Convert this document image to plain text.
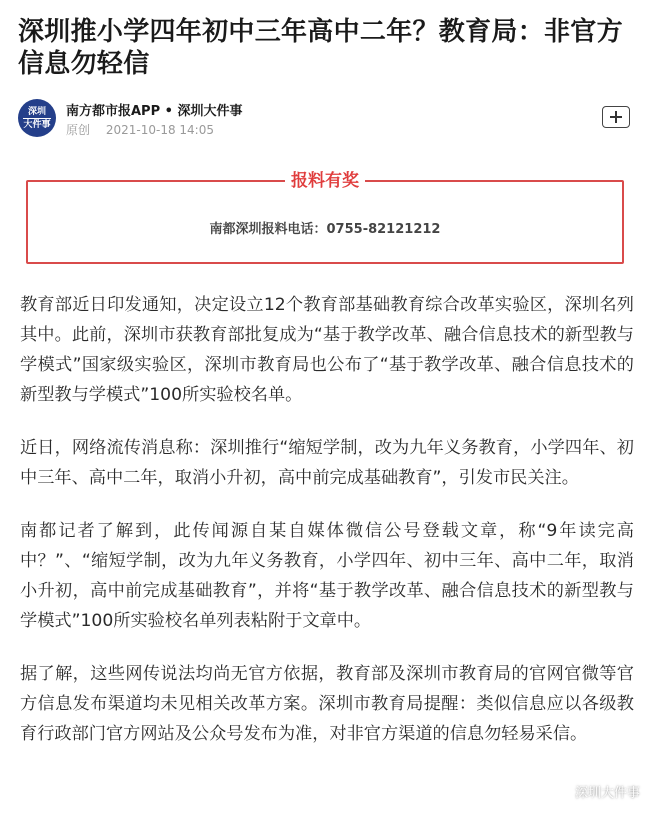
深圳推小学四年初中三年高中二年？教育局：非官方信息勿轻信
深圳
大件事
南方都市报APP • 深圳大件事
原创 2021-10-18 14:05
报料有奖
南都深圳报料电话：0755-82121212

教育部近日印发通知，决定设立12个教育部基础教育综合改革实验区，深圳名列其中。此前，深圳市获教育部批复成为“基于教学改革、融合信息技术的新型教与学模式”国家级实验区，深圳市教育局也公布了“基于教学改革、融合信息技术的新型教与学模式”100所实验校名单。

近日，网络流传消息称：深圳推行“缩短学制，改为九年义务教育，小学四年、初中三年、高中二年，取消小升初，高中前完成基础教育”，引发市民关注。

南都记者了解到，此传闻源自某自媒体微信公号登载文章，称“9年读完高中？”、“缩短学制，改为九年义务教育，小学四年、初中三年、高中二年，取消小升初，高中前完成基础教育”，并将“基于教学改革、融合信息技术的新型教与学模式”100所实验校名单列表粘附于文章中。

据了解，这些网传说法均尚无官方依据，教育部及深圳市教育局的官网官微等官方信息发布渠道均未见相关改革方案。深圳市教育局提醒：类似信息应以各级教育行政部门官方网站及公众号发布为准，对非官方渠道的信息勿轻易采信。

深圳大件事
